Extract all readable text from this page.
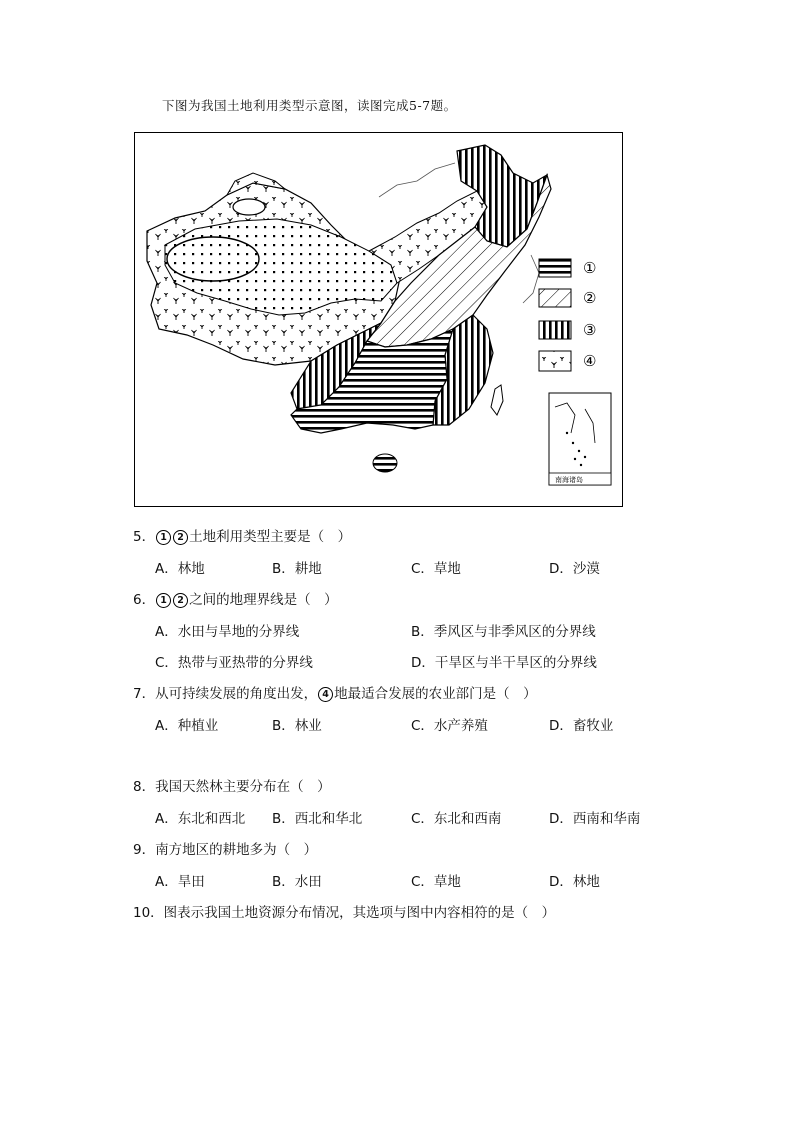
下图为我国土地利用类型示意图，读图完成5-7题。
①
②
③
④
南海诸岛
5． 1 2 土地利用类型主要是（　）
A．林地	B．耕地	C．草地	D．沙漠
6． 1 2 之间的地理界线是（　）
A．水田与旱地的分界线	B．季风区与非季风区的分界线
C．热带与亚热带的分界线	D．干旱区与半干旱区的分界线
7．从可持续发展的角度出发， 4 地最适合发展的农业部门是（　）
A．种植业	B．林业	C．水产养殖	D．畜牧业
8．我国天然林主要分布在（　）
A．东北和西北 B．西北和华北	C．东北和西南	D．西南和华南
9．南方地区的耕地多为（　）
A．旱田	B．水田	C．草地	D．林地
10．图表示我国土地资源分布情况，其选项与图中内容相符的是（　）
